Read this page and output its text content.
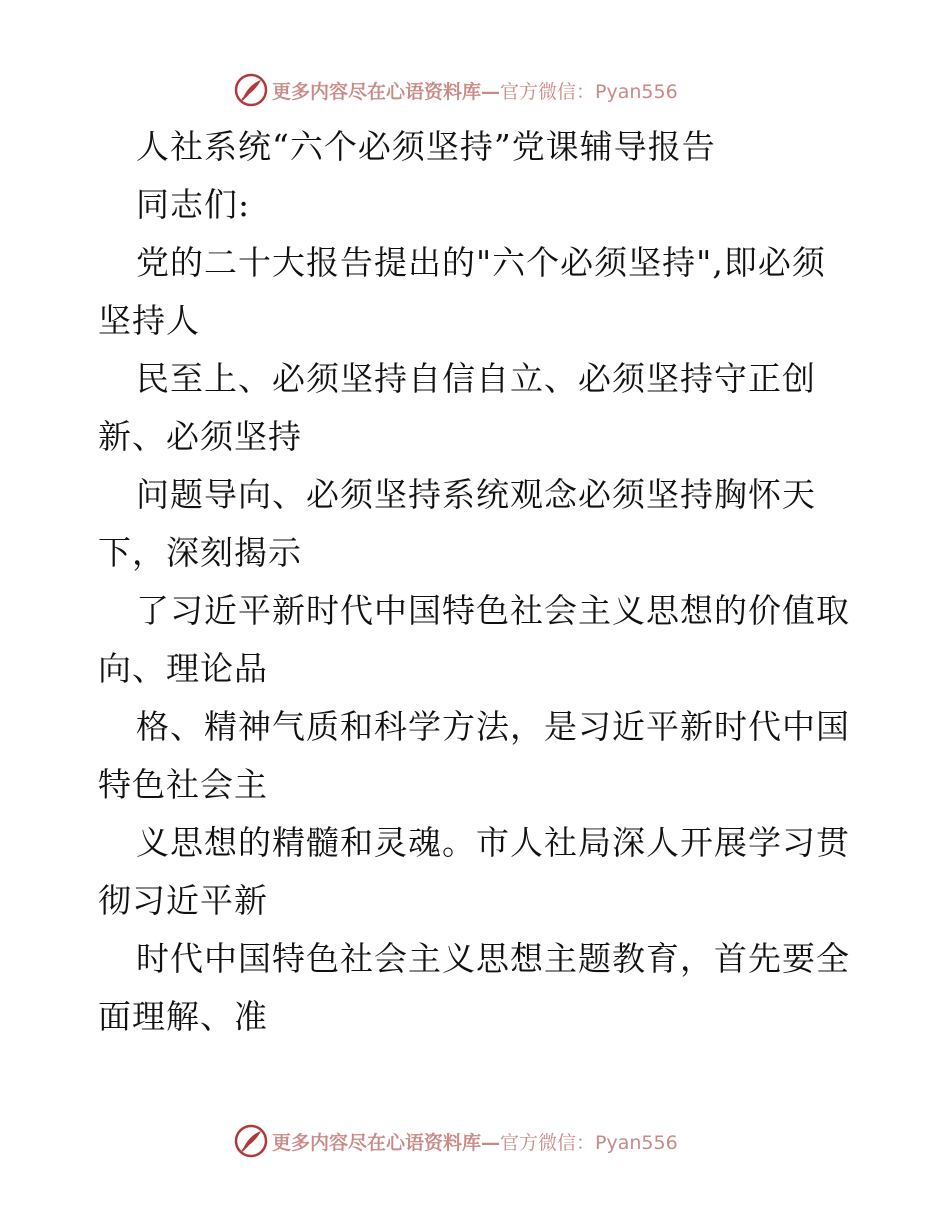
更多内容尽在心语资料库— 官方微信：Pyan556
人社系统“六个必须坚持”党课辅导报告
同志们:
党的二十大报告提出的"六个必须坚持",即必须
坚持人
民至上、必须坚持自信自立、必须坚持守正创
新、必须坚持
问题导向、必须坚持系统观念必须坚持胸怀天
下，深刻揭示
了习近平新时代中国特色社会主义思想的价值取
向、理论品
格、精神气质和科学方法，是习近平新时代中国
特色社会主
义思想的精髓和灵魂。市人社局深人开展学习贯
彻习近平新
时代中国特色社会主义思想主题教育，首先要全
面理解、准
更多内容尽在心语资料库— 官方微信：Pyan556
